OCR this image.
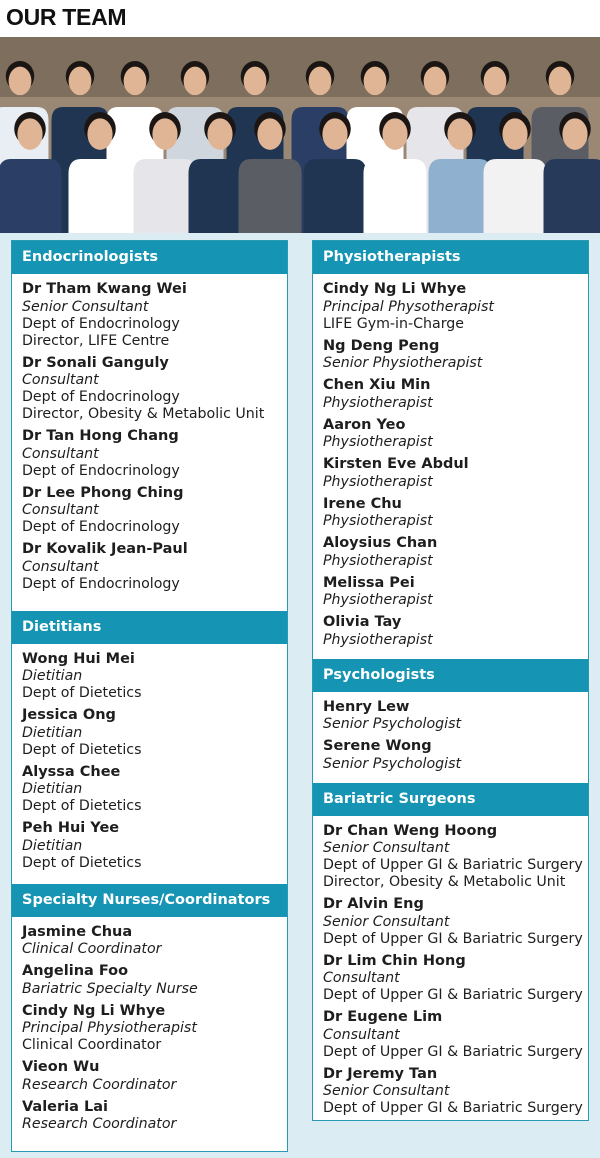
OUR TEAM
Endocrinologists
Dr Tham Kwang Wei
Senior Consultant
Dept of Endocrinology
Director, LIFE Centre
Dr Sonali Ganguly
Consultant
Dept of Endocrinology
Director, Obesity & Metabolic Unit
Dr Tan Hong Chang
Consultant
Dept of Endocrinology
Dr Lee Phong Ching
Consultant
Dept of Endocrinology
Dr Kovalik Jean-Paul
Consultant
Dept of Endocrinology
Dietitians
Wong Hui Mei
Dietitian
Dept of Dietetics
Jessica Ong
Dietitian
Dept of Dietetics
Alyssa Chee
Dietitian
Dept of Dietetics
Peh Hui Yee
Dietitian
Dept of Dietetics
Specialty Nurses/Coordinators
Jasmine Chua
Clinical Coordinator
Angelina Foo
Bariatric Specialty Nurse
Cindy Ng Li Whye
Principal Physiotherapist
Clinical Coordinator
Vieon Wu
Research Coordinator
Valeria Lai
Research Coordinator
Physiotherapists
Cindy Ng Li Whye
Principal Physotherapist
LIFE Gym-in-Charge
Ng Deng Peng
Senior Physiotherapist
Chen Xiu Min
Physiotherapist
Aaron Yeo
Physiotherapist
Kirsten Eve Abdul
Physiotherapist
Irene Chu
Physiotherapist
Aloysius Chan
Physiotherapist
Melissa Pei
Physiotherapist
Olivia Tay
Physiotherapist
Psychologists
Henry Lew
Senior Psychologist
Serene Wong
Senior Psychologist
Bariatric Surgeons
Dr Chan Weng Hoong
Senior Consultant
Dept of Upper GI & Bariatric Surgery
Director, Obesity & Metabolic Unit
Dr Alvin Eng
Senior Consultant
Dept of Upper GI & Bariatric Surgery
Dr Lim Chin Hong
Consultant
Dept of Upper GI & Bariatric Surgery
Dr Eugene Lim
Consultant
Dept of Upper GI & Bariatric Surgery
Dr Jeremy Tan
Senior Consultant
Dept of Upper GI & Bariatric Surgery
